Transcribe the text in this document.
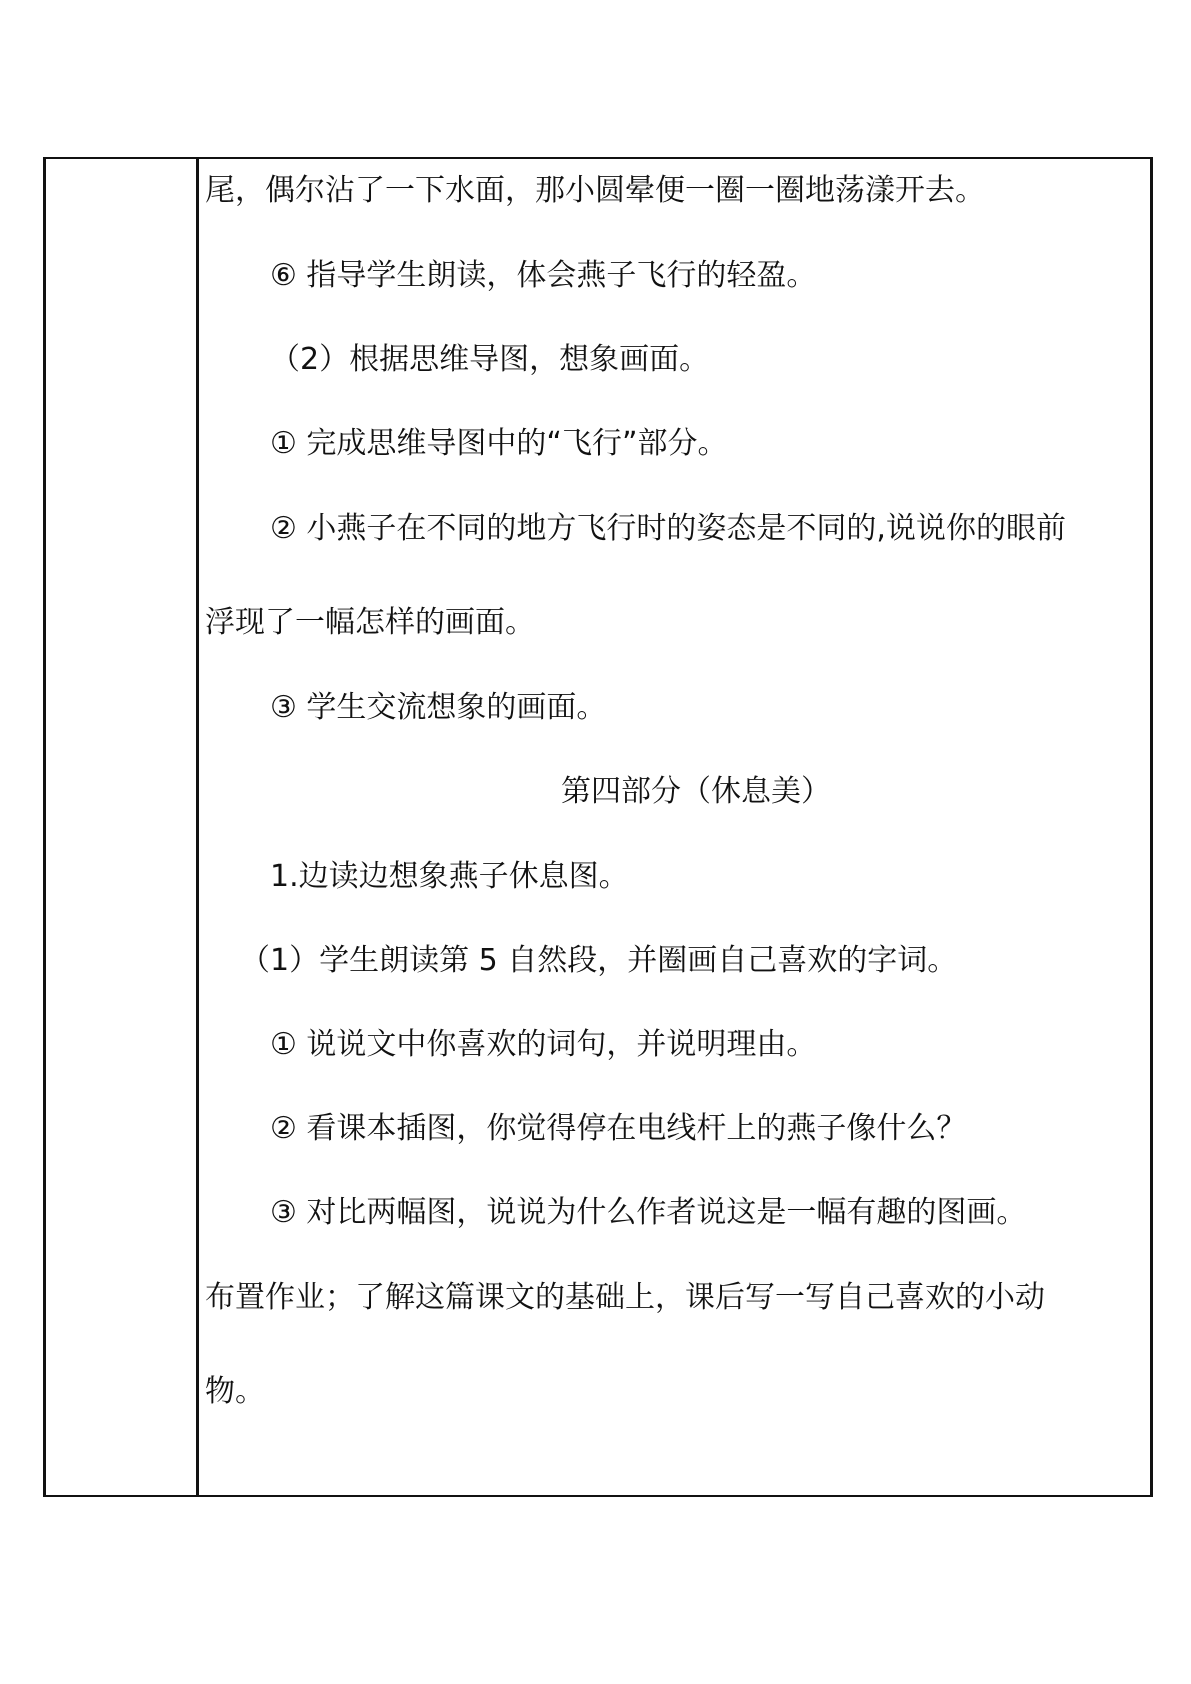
尾，偶尔沾了一下水面，那小圆晕便一圈一圈地荡漾开去。
⑥ 指导学生朗读，体会燕子飞行的轻盈。
（2）根据思维导图，想象画面。
① 完成思维导图中的“飞行”部分。
② 小燕子在不同的地方飞行时的姿态是不同的,说说你的眼前
浮现了一幅怎样的画面。
③ 学生交流想象的画面。
第四部分（休息美）
1.边读边想象燕子休息图。
（1）学生朗读第 5 自然段，并圈画自己喜欢的字词。
① 说说文中你喜欢的词句，并说明理由。
② 看课本插图，你觉得停在电线杆上的燕子像什么？
③ 对比两幅图，说说为什么作者说这是一幅有趣的图画。
布置作业；了解这篇课文的基础上，课后写一写自己喜欢的小动
物。
